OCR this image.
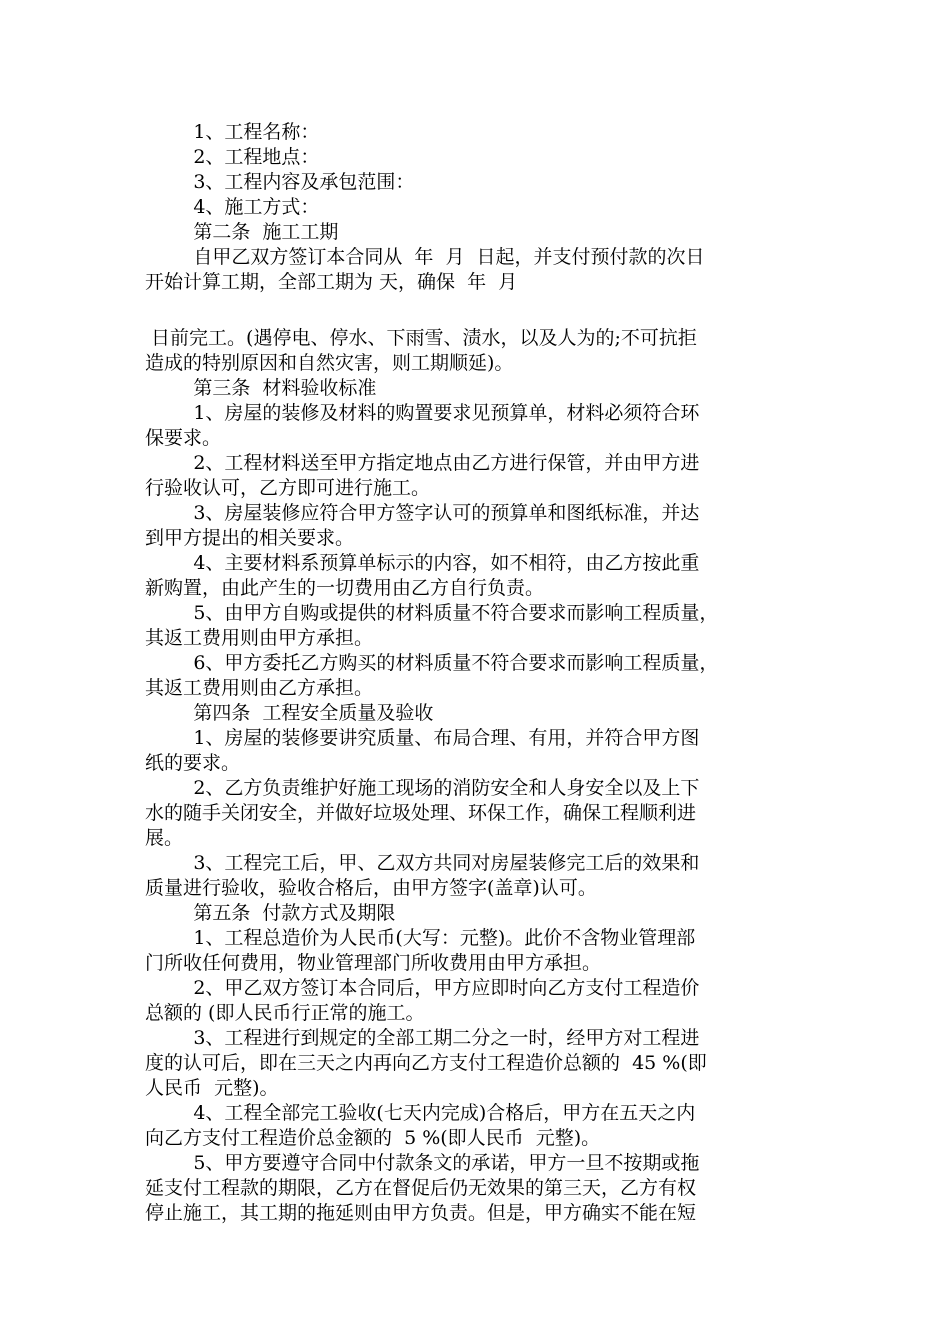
1、工程名称：
2、工程地点：
3、工程内容及承包范围：
4、施工方式：
第二条  施工工期
自甲乙双方签订本合同从  年  月  日起，并支付预付款的次日
开始计算工期，全部工期为 天，确保  年  月
日前完工。(遇停电、停水、下雨雪、渍水，以及人为的;不可抗拒
造成的特别原因和自然灾害，则工期顺延)。
第三条  材料验收标准
1、房屋的装修及材料的购置要求见预算单，材料必须符合环
保要求。
2、工程材料送至甲方指定地点由乙方进行保管，并由甲方进
行验收认可，乙方即可进行施工。
3、房屋装修应符合甲方签字认可的预算单和图纸标准，并达
到甲方提出的相关要求。
4、主要材料系预算单标示的内容，如不相符，由乙方按此重
新购置，由此产生的一切费用由乙方自行负责。
5、由甲方自购或提供的材料质量不符合要求而影响工程质量，
其返工费用则由甲方承担。
6、甲方委托乙方购买的材料质量不符合要求而影响工程质量，
其返工费用则由乙方承担。
第四条  工程安全质量及验收
1、房屋的装修要讲究质量、布局合理、有用，并符合甲方图
纸的要求。
2、乙方负责维护好施工现场的消防安全和人身安全以及上下
水的随手关闭安全，并做好垃圾处理、环保工作，确保工程顺利进
展。
3、工程完工后，甲、乙双方共同对房屋装修完工后的效果和
质量进行验收，验收合格后，由甲方签字(盖章)认可。
第五条  付款方式及期限
1、工程总造价为人民币(大写：元整)。此价不含物业管理部
门所收任何费用，物业管理部门所收费用由甲方承担。
2、甲乙双方签订本合同后，甲方应即时向乙方支付工程造价
总额的 (即人民币行正常的施工。
3、工程进行到规定的全部工期二分之一时，经甲方对工程进
度的认可后，即在三天之内再向乙方支付工程造价总额的  45 %(即
人民币  元整)。
4、工程全部完工验收(七天内完成)合格后，甲方在五天之内
向乙方支付工程造价总金额的  5 %(即人民币  元整)。
5、甲方要遵守合同中付款条文的承诺，甲方一旦不按期或拖
延支付工程款的期限，乙方在督促后仍无效果的第三天，乙方有权
停止施工，其工期的拖延则由甲方负责。但是，甲方确实不能在短
